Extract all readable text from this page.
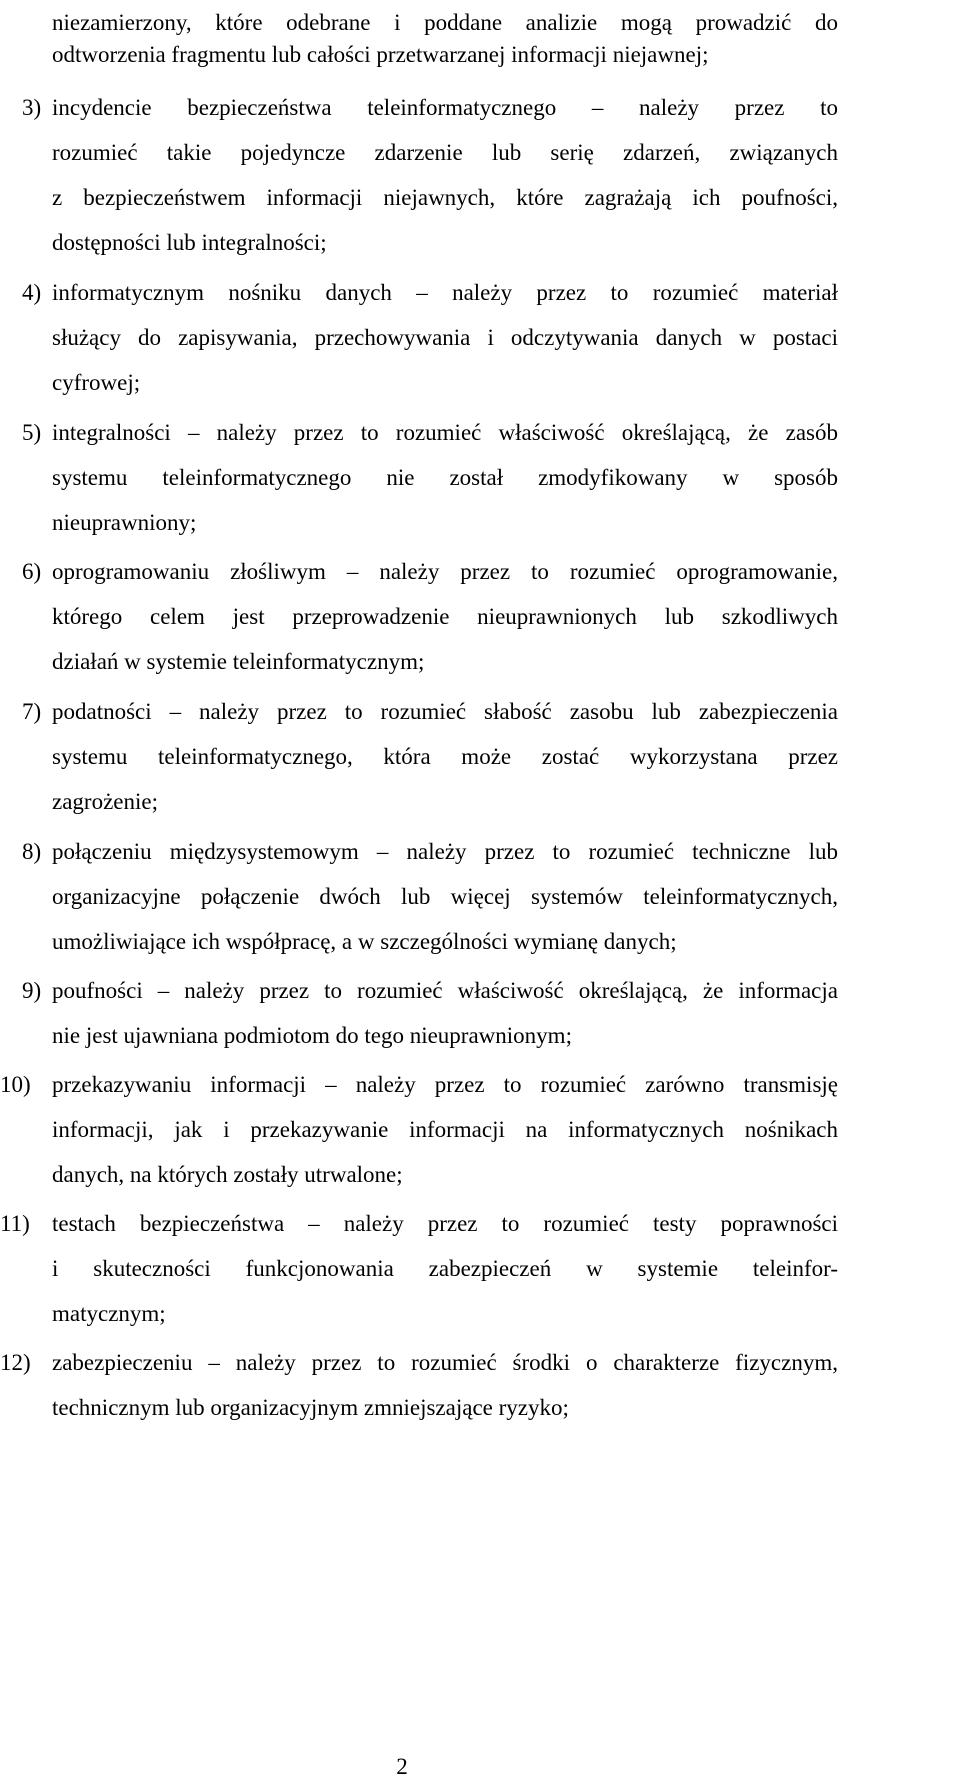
niezamierzony, które odebrane i poddane analizie mogą prowadzić do
odtworzenia fragmentu lub całości przetwarzanej informacji niejawnej;
3) incydencie bezpieczeństwa teleinformatycznego – należy przez to
rozumieć takie pojedyncze zdarzenie lub serię zdarzeń, związanych
z bezpieczeństwem informacji niejawnych, które zagrażają ich poufności,
dostępności lub integralności;
4) informatycznym nośniku danych – należy przez to rozumieć materiał
służący do zapisywania, przechowywania i odczytywania danych w postaci
cyfrowej;
5) integralności – należy przez to rozumieć właściwość określającą, że zasób
systemu teleinformatycznego nie został zmodyfikowany w sposób
nieuprawniony;
6) oprogramowaniu złośliwym – należy przez to rozumieć oprogramowanie,
którego celem jest przeprowadzenie nieuprawnionych lub szkodliwych
działań w systemie teleinformatycznym;
7) podatności – należy przez to rozumieć słabość zasobu lub zabezpieczenia
systemu teleinformatycznego, która może zostać wykorzystana przez
zagrożenie;
8) połączeniu międzysystemowym – należy przez to rozumieć techniczne lub
organizacyjne połączenie dwóch lub więcej systemów teleinformatycznych,
umożliwiające ich współpracę, a w szczególności wymianę danych;
9) poufności – należy przez to rozumieć właściwość określającą, że informacja
nie jest ujawniana podmiotom do tego nieuprawnionym;
10) przekazywaniu informacji – należy przez to rozumieć zarówno transmisję
informacji, jak i przekazywanie informacji na informatycznych nośnikach
danych, na których zostały utrwalone;
11) testach bezpieczeństwa – należy przez to rozumieć testy poprawności
i skuteczności funkcjonowania zabezpieczeń w systemie teleinfor-
matycznym;
12) zabezpieczeniu – należy przez to rozumieć środki o charakterze fizycznym,
technicznym lub organizacyjnym zmniejszające ryzyko;
2
